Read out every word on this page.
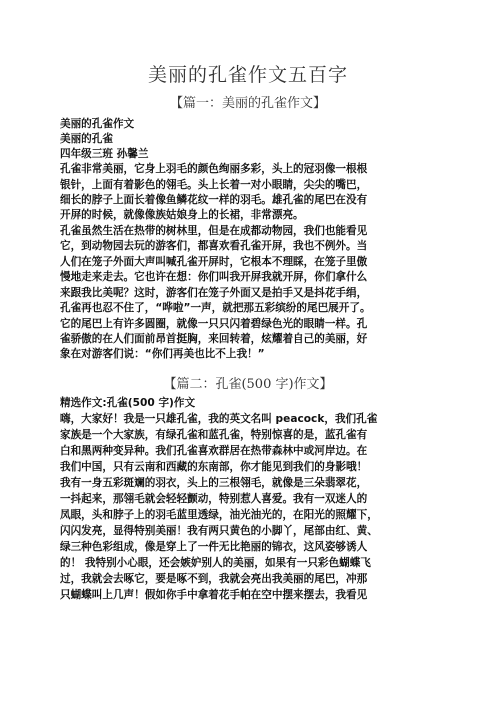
美丽的孔雀作文五百字
【篇一：美丽的孔雀作文】
美丽的孔雀作文
美丽的孔雀
四年级三班 孙馨兰
孔雀非常美丽，它身上羽毛的颜色绚丽多彩，头上的冠羽像一根根
银针，上面有着影色的翎毛。头上长着一对小眼睛，尖尖的嘴巴，
细长的脖子上面长着像鱼鳞花纹一样的羽毛。雄孔雀的尾巴在没有
开屏的时候，就像像族姑娘身上的长裙，非常漂亮。
孔雀虽然生活在热带的树林里，但是在成都动物园，我们也能看见
它，到动物园去玩的游客们，都喜欢看孔雀开屏，我也不例外。当
人们在笼子外面大声叫喊孔雀开屏时，它根本不理睬，在笼子里傲
慢地走来走去。它也许在想：你们叫我开屏我就开屏，你们拿什么
来跟我比美呢？这时，游客们在笼子外面又是拍手又是抖花手绢，
孔雀再也忍不住了，“哗啦”一声，就把那五彩缤纷的尾巴展开了。
它的尾巴上有许多圆圈，就像一只只闪着碧绿色光的眼睛一样。孔
雀骄傲的在人们面前昂首挺胸，来回转着，炫耀着自己的美丽，好
象在对游客们说：“你们再美也比不上我！”
【篇二：孔雀(500 字)作文】
精选作文:孔雀(500 字)作文
嗨，大家好！我是一只雄孔雀，我的英文名叫 peacock，我们孔雀
家族是一个大家族，有绿孔雀和蓝孔雀，特别惊喜的是，蓝孔雀有
白和黑两种变异种。我们孔雀喜欢群居在热带森林中或河岸边。在
我们中国，只有云南和西藏的东南部，你才能见到我们的身影哦！
我有一身五彩斑斓的羽衣，头上的三根翎毛，就像是三朵翡翠花，
一抖起来，那翎毛就会轻轻颤动，特别惹人喜爱。我有一双迷人的
凤眼，头和脖子上的羽毛蓝里透绿，油光油光的，在阳光的照耀下，
闪闪发亮，显得特别美丽！我有两只黄色的小脚丫，尾部由红、黄、
绿三种色彩组成，像是穿上了一件无比艳丽的锦衣，这风姿够诱人
的！ 我特别小心眼，还会嫉妒别人的美丽，如果有一只彩色蝴蝶飞
过，我就会去啄它，要是啄不到，我就会亮出我美丽的尾巴，冲那
只蝴蝶叫上几声！假如你手中拿着花手帕在空中摆来摆去，我看见
